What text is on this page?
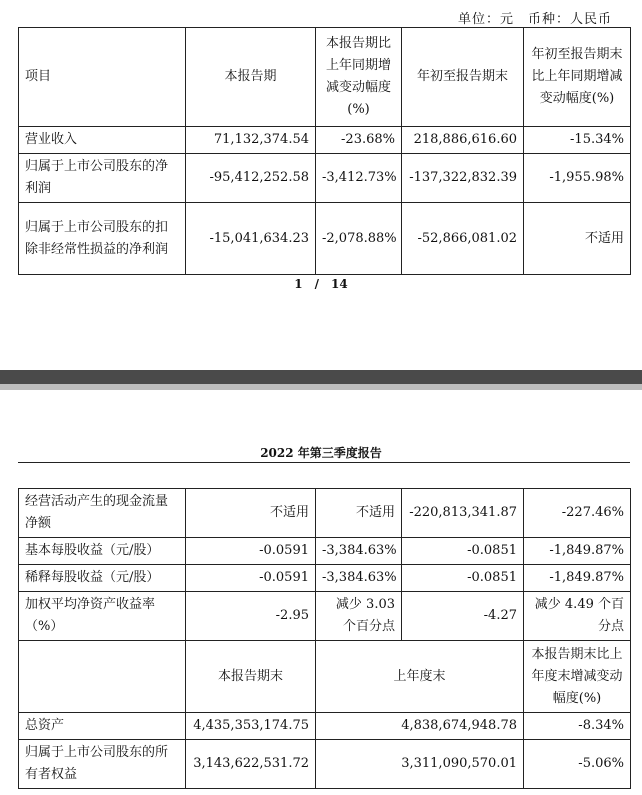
单位：元　币种：人民币
项目	本报告期	本报告期比上年同期增减变动幅度(%)	年初至报告期末	年初至报告期末比上年同期增减变动幅度(%)
营业收入	71,132,374.54	-23.68%	218,886,616.60	-15.34%
归属于上市公司股东的净利润	-95,412,252.58	-3,412.73%	-137,322,832.39	-1,955.98%
归属于上市公司股东的扣除非经常性损益的净利润	-15,041,634.23	-2,078.88%	-52,866,081.02	不适用
1　/　14
2022 年第三季度报告
经营活动产生的现金流量净额	不适用	不适用	-220,813,341.87	-227.46%
基本每股收益（元/股）	-0.0591	-3,384.63%	-0.0851	-1,849.87%
稀释每股收益（元/股）	-0.0591	-3,384.63%	-0.0851	-1,849.87%
加权平均净资产收益率（%）	-2.95	减少 3.03 个百分点	-4.27	减少 4.49 个百分点
	本报告期末	上年度末		本报告期末比上年度末增减变动幅度(%)
总资产	4,435,353,174.75	4,838,674,948.78		-8.34%
归属于上市公司股东的所有者权益	3,143,622,531.72	3,311,090,570.01		-5.06%
